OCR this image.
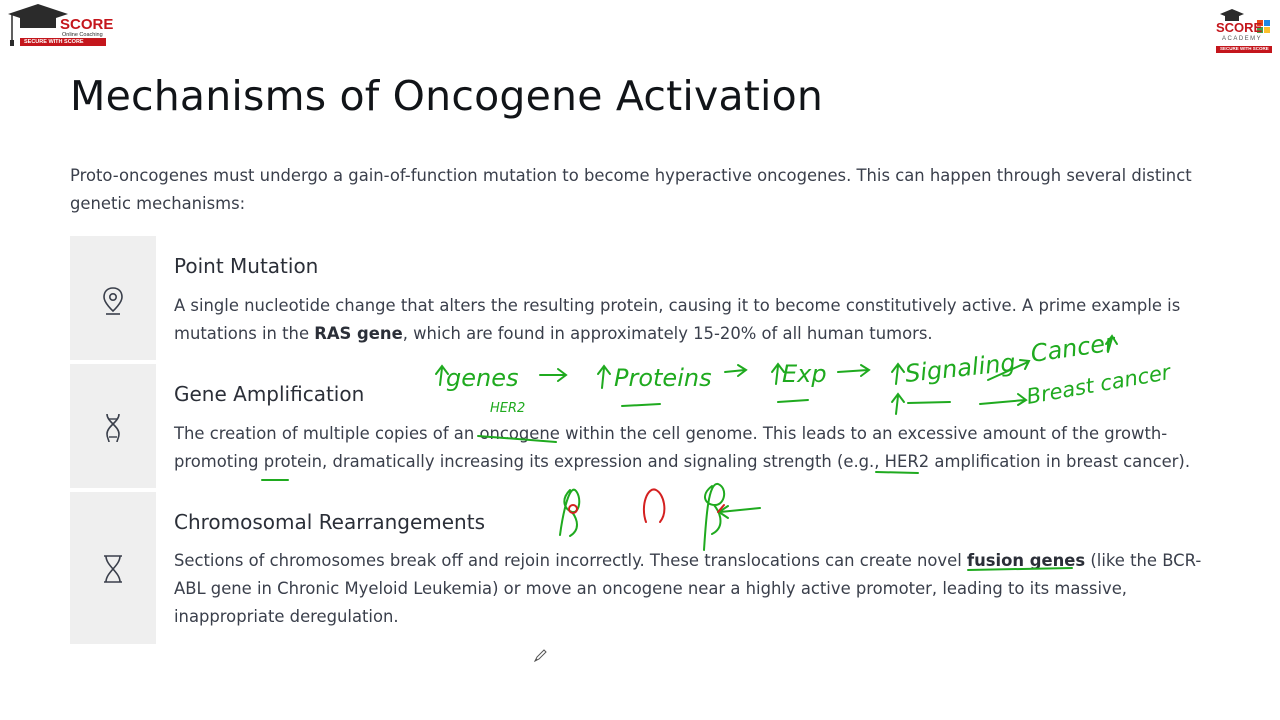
SCORE
Online Coaching
SECURE WITH SCORE
SCORE
ACADEMY
SECURE WITH SCORE
Mechanisms of Oncogene Activation

Proto-oncogenes must undergo a gain-of-function mutation to become hyperactive oncogenes. This can happen through several distinct genetic mechanisms:

Point Mutation

A single nucleotide change that alters the resulting protein, causing it to become constitutively active. A prime example is mutations in the RAS gene, which are found in approximately 15-20% of all human tumors.

Gene Amplification

The creation of multiple copies of an oncogene within the cell genome. This leads to an excessive amount of the growth-promoting protein, dramatically increasing its expression and signaling strength (e.g., HER2 amplification in breast cancer).

Chromosomal Rearrangements

Sections of chromosomes break off and rejoin incorrectly. These translocations can create novel fusion genes (like the BCR-ABL gene in Chronic Myeloid Leukemia) or move an oncogene near a highly active promoter, leading to its massive, inappropriate deregulation.

genes	Proteins	Exp	Signaling
Cancer
Breast cancer
HER2
